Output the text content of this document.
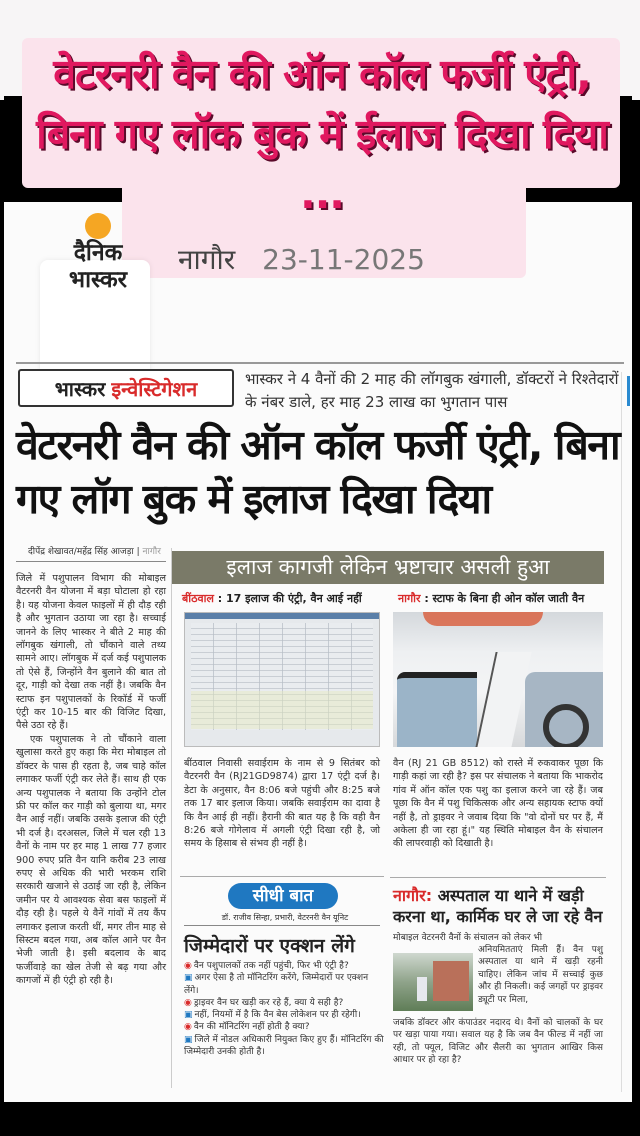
वेटरनरी वैन की ऑन कॉल फर्जी एंट्री, बिना गए लॉक बुक में ईलाज दिखा दिया ...
दैनिक
भास्कर
नागौर 23-11-2025
भास्कर इन्वेस्टिगेशन	भास्कर ने 4 वैनों की 2 माह की लॉगबुक खंगाली, डॉक्टरों ने रिश्तेदारों के नंबर डाले, हर माह 23 लाख का भुगतान पास
वेटरनरी वैन की ऑन कॉल फर्जी एंट्री, बिना गए लॉग बुक में इलाज दिखा दिया
दीपेंद्र शेखावत/महेंद्र सिंह आजड़ा | नागौर

जिले में पशुपालन विभाग की मोबाइल वैटरनरी वैन योजना में बड़ा घोटाला हो रहा है। यह योजना केवल फाइलों में ही दौड़ रही है और भुगतान उठाया जा रहा है। सच्चाई जानने के लिए भास्कर ने बीते 2 माह की लॉगबुक खंगाली, तो चौंकाने वाले तथ्य सामने आए। लॉगबुक में दर्ज कई पशुपालक तो ऐसे हैं, जिन्होंने वैन बुलाने की बात तो दूर, गाड़ी को देखा तक नहीं है। जबकि वैन स्टाफ इन पशुपालकों के रिकॉर्ड में फर्जी एंट्री कर 10-15 बार की विजिट दिखा, पैसे उठा रहे हैं।

एक पशुपालक ने तो चौंकाने वाला खुलासा करते हुए कहा कि मेरा मोबाइल तो डॉक्टर के पास ही रहता है, जब चाहे कॉल लगाकर फर्जी एंट्री कर लेते हैं। साथ ही एक अन्य पशुपालक ने बताया कि उन्होंने टोल फ्री पर कॉल कर गाड़ी को बुलाया था, मगर वैन आई नहीं। जबकि उसके इलाज की एंट्री भी दर्ज है। दरअसल, जिले में चल रही 13 वैनों के नाम पर हर माह 1 लाख 77 हजार 900 रुपए प्रति वैन यानि करीब 23 लाख रुपए से अधिक की भारी भरकम राशि सरकारी खजाने से उठाई जा रही है, लेकिन जमीन पर ये आवश्यक सेवा बस फाइलों में दौड़ रही है। पहले ये वैनें गांवों में तय कैंप लगाकर इलाज करती थीं, मगर तीन माह से सिस्टम बदल गया, अब कॉल आने पर वैन भेजी जाती है। इसी बदलाव के बाद फर्जीवाड़े का खेल तेजी से बढ़ गया और कागजों में ही एंट्री हो रही है।

इलाज कागजी लेकिन भ्रष्टाचार असली हुआ
बींठवाल : 17 इलाज की एंट्री, वैन आई नहीं	नागौर : स्टाफ के बिना ही ओन कॉल जाती वैन
बींठवाल निवासी सवाईराम के नाम से 9 सितंबर को वैटरनरी वैन (RJ21GD9874) द्वारा 17 एंट्री दर्ज है। डेटा के अनुसार, वैन 8:06 बजे पहुंची और 8:25 बजे तक 17 बार इलाज किया। जबकि सवाईराम का दावा है कि वैन आई ही नहीं। हैरानी की बात यह है कि वही वैन 8:26 बजे गोगेलाव में अगली एंट्री दिखा रही है, जो समय के हिसाब से संभव ही नहीं है।
वैन (RJ 21 GB 8512) को रास्ते में रुकवाकर पूछा कि गाड़ी कहां जा रही है? इस पर संचालक ने बताया कि भाकरोद गांव में ऑन कॉल एक पशु का इलाज करने जा रहे हैं। जब पूछा कि वैन में पशु चिकित्सक और अन्य सहायक स्टाफ क्यों नहीं है, तो ड्राइवर ने जवाब दिया कि "वो दोनों घर पर हैं, मैं अकेला ही जा रहा हूं।" यह स्थिति मोबाइल वैन के संचालन की लापरवाही को दिखाती है।
सीधी बात
डॉ. राजीव सिन्हा, प्रभारी, वेटरनरी वैन यूनिट
जिम्मेदारों पर एक्शन लेंगे
◉ वैन पशुपालकों तक नहीं पहुंची, फिर भी एंट्री है?
▣ अगर ऐसा है तो मॉनिटरिंग करेंगे, जिम्मेदारों पर एक्शन लेंगे।
◉ ड्राइवर वैन घर खड़ी कर रहे हैं, क्या ये सही है?
▣ नहीं, नियमों में है कि वैन बेस लोकेशन पर ही रहेगी।
◉ वैन की मॉनिटरिंग नहीं होती है क्या?
▣ जिले में नोडल अधिकारी नियुक्त किए हुए हैं। मॉनिटरिंग की जिम्मेदारी उनकी होती है।
नागौर: अस्पताल या थाने में खड़ी करना था, कार्मिक घर ले जा रहे वैन
मोबाइल वेटरनरी वैनों के संचालन को लेकर भी
अनियमितताएं मिली हैं। वैन पशु अस्पताल या थाने में खड़ी रहनी चाहिए। लेकिन जांच में सच्चाई कुछ और ही निकली। कई जगहों पर ड्राइवर ड्यूटी पर मिला,
जबकि डॉक्टर और कंपाउंडर नदारद थे। वैनों को चालकों के घर पर खड़ा पाया गया। सवाल यह है कि जब वैन फील्ड में नहीं जा रही, तो फ्यूल, विजिट और सैलरी का भुगतान आखिर किस आधार पर हो रहा है?
